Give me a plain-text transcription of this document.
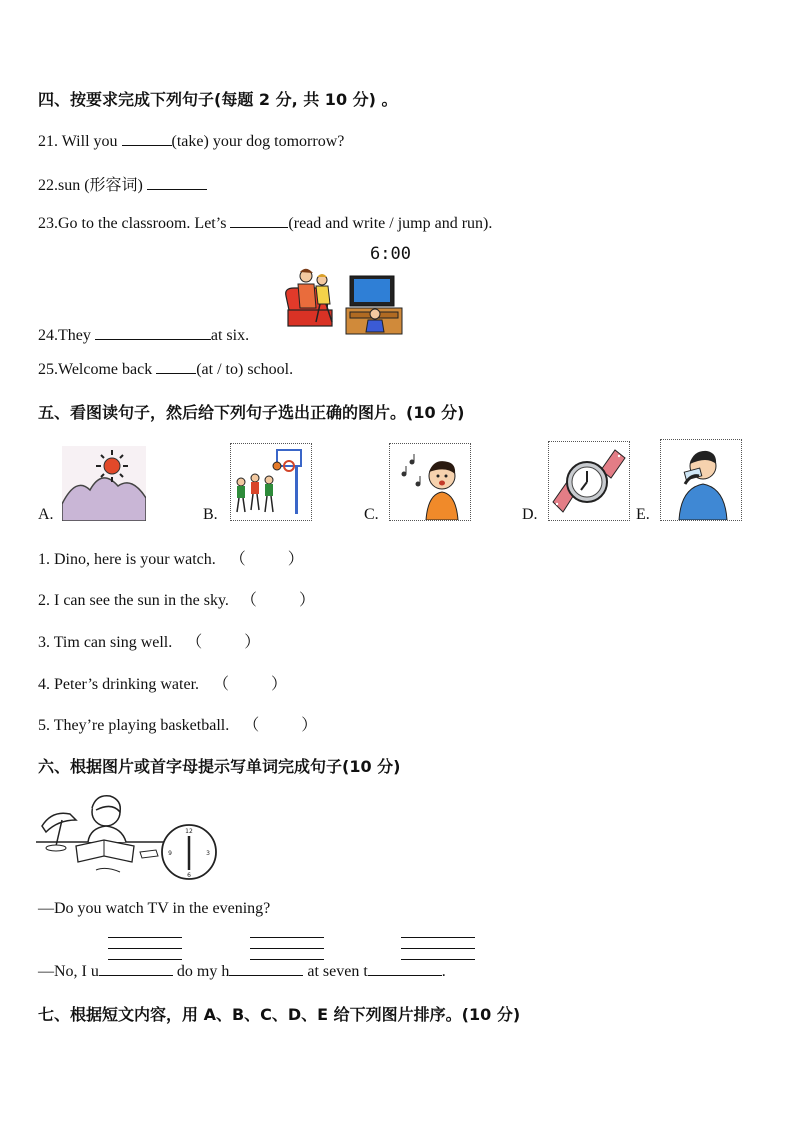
四、按要求完成下列句子(每题 2 分, 共 10 分) 。
21. Will you	(take) your dog tomorrow?
22.sun (形容词)
23.Go to the classroom. Let’s	(read and write / jump and run).
6:00
24.They	at six.
25.Welcome back	(at / to) school.
五、看图读句子，然后给下列句子选出正确的图片。(10 分)
A.	B.	C.	D.	E.
1. Dino, here is your watch. （	）
2. I can see the sun in the sky. （	）
3. Tim can sing well. （	）
4. Peter’s drinking water. （	）
5. They’re playing basketball. （	）
六、根据图片或首字母提示写单词完成句子(10 分)
12
3
6
9
—Do you watch TV in the evening?
—No, I u	do my h	at seven t	.
七、根据短文内容，用 A、B、C、D、E 给下列图片排序。(10 分)
